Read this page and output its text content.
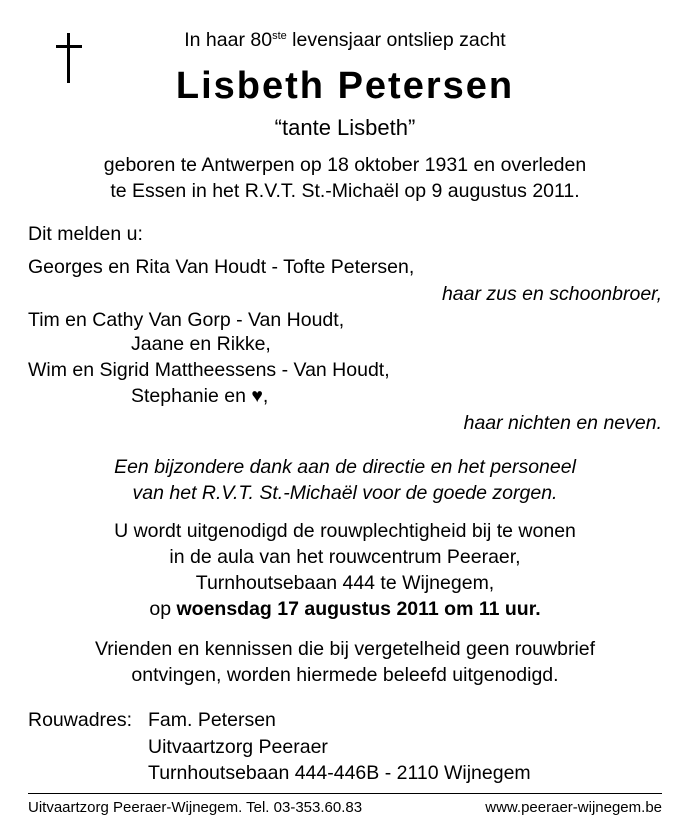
In haar 80ste levensjaar ontsliep zacht
Lisbeth Petersen
“tante Lisbeth”
geboren te Antwerpen op 18 oktober 1931 en overleden
te Essen in het R.V.T. St.-Michaël op 9 augustus 2011.
Dit melden u:
Georges en Rita Van Houdt - Tofte Petersen,
haar zus en schoonbroer,
Tim en Cathy Van Gorp - Van Houdt,
Jaane en Rikke,
Wim en Sigrid Mattheessens - Van Houdt,
Stephanie en ♥,
haar nichten en neven.
Een bijzondere dank aan de directie en het personeel
van het R.V.T. St.-Michaël voor de goede zorgen.
U wordt uitgenodigd de rouwplechtigheid bij te wonen
in de aula van het rouwcentrum Peeraer,
Turnhoutsebaan 444 te Wijnegem,
op woensdag 17 augustus 2011 om 11 uur.
Vrienden en kennissen die bij vergetelheid geen rouwbrief
ontvingen, worden hiermede beleefd uitgenodigd.
Rouwadres: Fam. Petersen
Uitvaartzorg Peeraer
Turnhoutsebaan 444-446B - 2110 Wijnegem
Uitvaartzorg Peeraer-Wijnegem. Tel. 03-353.60.83	www.peeraer-wijnegem.be
